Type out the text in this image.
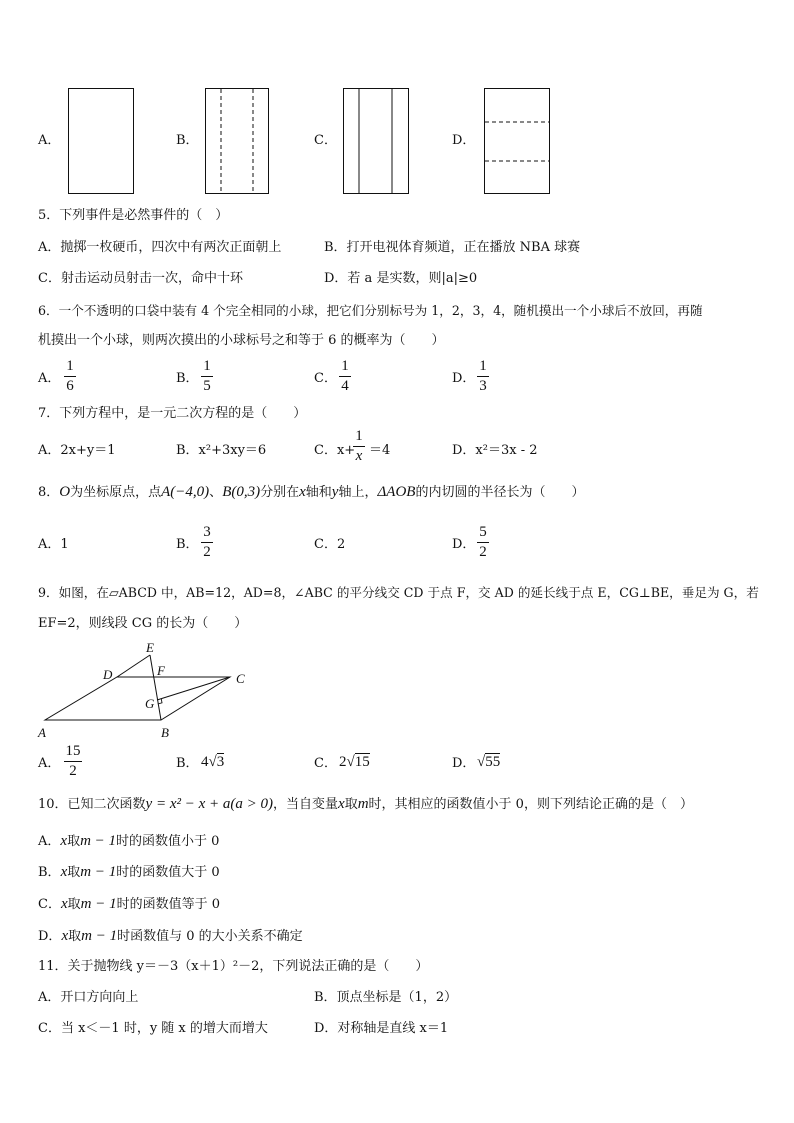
A．	B．	C．	D．
5．下列事件是必然事件的（　）
A．抛掷一枚硬币，四次中有两次正面朝上	B．打开电视体育频道，正在播放 NBA 球赛
C．射击运动员射击一次，命中十环	D．若 a 是实数，则|a|≥0
6．一个不透明的口袋中装有 4 个完全相同的小球，把它们分别标号为 1，2，3，4，随机摸出一个小球后不放回，再随
机摸出一个小球，则两次摸出的小球标号之和等于 6 的概率为（　　）
A．
1
6	B．
1
5	C．
1
4	D．
1
3
7．下列方程中，是一元二次方程的是（　　）
A．2x+y＝1	B．x²+3xy＝6	C．x+
1
x ＝4	D．x²＝3x - 2
8．O为坐标原点，点A(−4,0)、B(0,3)分别在x轴和y轴上，ΔAOB的内切圆的半径长为（　　）
A．1	B．
3
2	C．2	D．
5
2
9．如图，在▱ABCD 中，AB=12，AD=8，∠ABC 的平分线交 CD 于点 F，交 AD 的延长线于点 E，CG⊥BE，垂足为 G，若
EF=2，则线段 CG 的长为（　　）
E
D	F
C
G
A	B
A．
15
2	B． 4√3	C． 2√15	D． √55
10．已知二次函数y = x² − x + a(a > 0)，当自变量x取m时，其相应的函数值小于 0，则下列结论正确的是（　）
A．x取m − 1时的函数值小于 0
B．x取m − 1时的函数值大于 0
C．x取m − 1时的函数值等于 0
D．x取m − 1时函数值与 0 的大小关系不确定
11．关于抛物线 y＝－3（x＋1）²－2，下列说法正确的是（　　）
A．开口方向向上	B．顶点坐标是（1，2）
C．当 x＜－1 时，y 随 x 的增大而增大	D．对称轴是直线 x＝1
